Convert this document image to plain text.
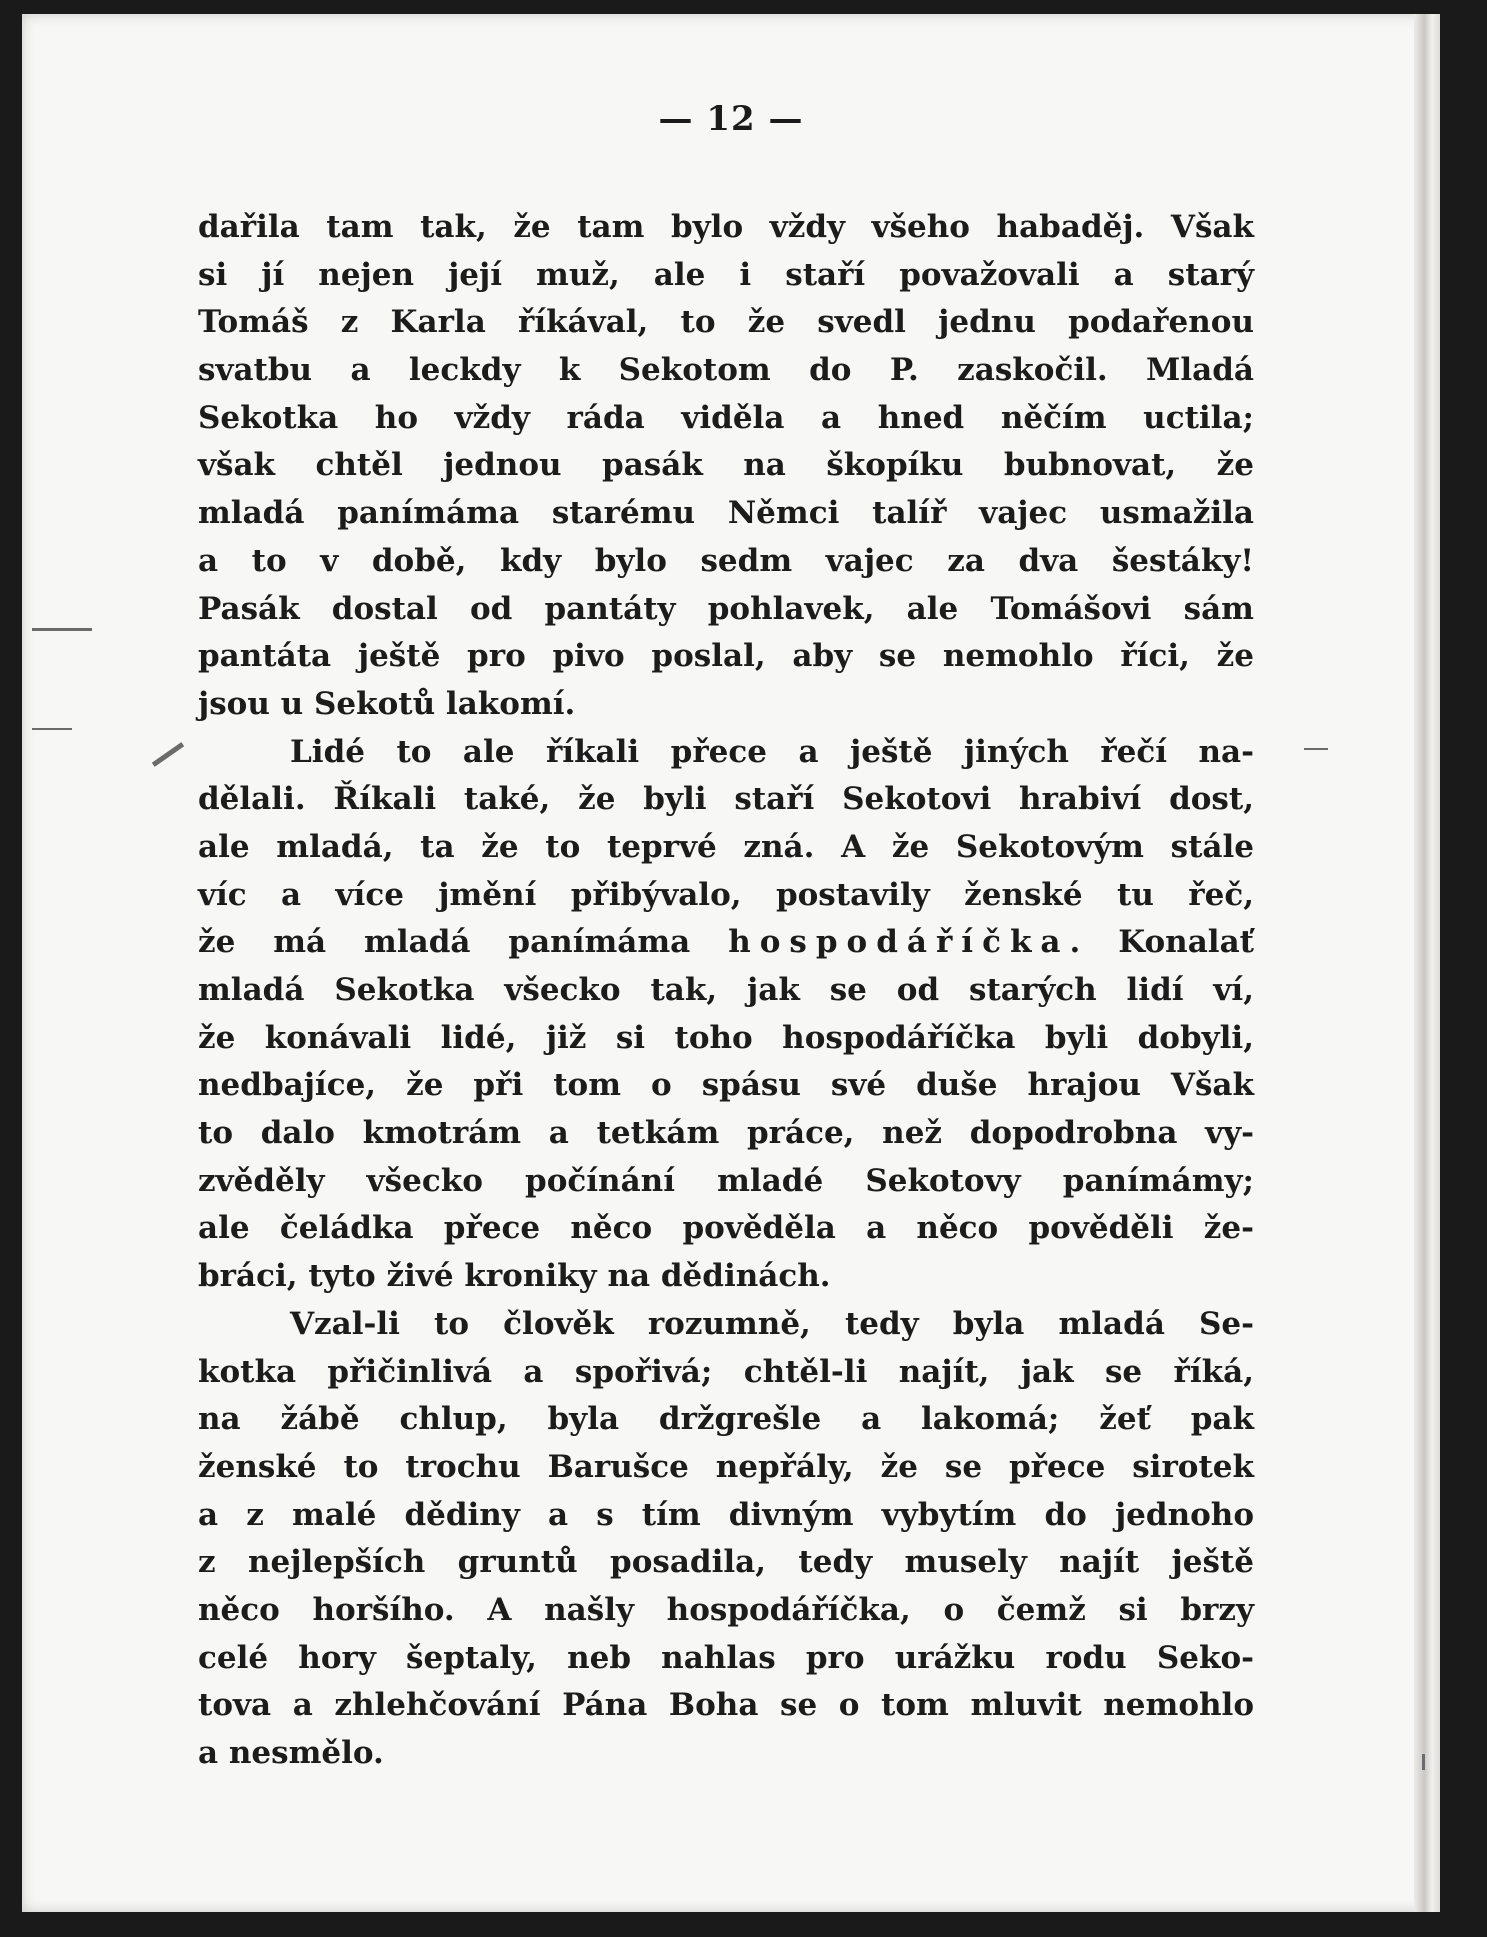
— 12 —
dařila tam tak, že tam bylo vždy všeho habaděj. Však
si jí nejen její muž, ale i staří považovali a starý
Tomáš z Karla říkával, to že svedl jednu podařenou
svatbu a leckdy k Sekotom do P. zaskočil. Mladá
Sekotka ho vždy ráda viděla a hned něčím uctila;
však chtěl jednou pasák na škopíku bubnovat, že
mladá panímáma starému Němci talíř vajec usmažila
a to v době, kdy bylo sedm vajec za dva šestáky!
Pasák dostal od pantáty pohlavek, ale Tomášovi sám
pantáta ještě pro pivo poslal, aby se nemohlo říci, že
jsou u Sekotů lakomí.
Lidé to ale říkali přece a ještě jiných řečí na-
dělali. Říkali také, že byli staří Sekotovi hrabiví dost,
ale mladá, ta že to teprvé zná. A že Sekotovým stále
víc a více jmění přibývalo, postavily ženské tu řeč,
že má mladá panímáma hospodáříčka. Konalať
mladá Sekotka všecko tak, jak se od starých lidí ví,
že konávali lidé, již si toho hospodáříčka byli dobyli,
nedbajíce, že při tom o spásu své duše hrajou Však
to dalo kmotrám a tetkám práce, než dopodrobna vy-
zvěděly všecko počínání mladé Sekotovy panímámy;
ale čeládka přece něco pověděla a něco pověděli že-
bráci, tyto živé kroniky na dědinách.
Vzal-li to člověk rozumně, tedy byla mladá Se-
kotka přičinlivá a spořivá; chtěl-li najít, jak se říká,
na žábě chlup, byla držgrešle a lakomá; žeť pak
ženské to trochu Barušce nepřály, že se přece sirotek
a z malé dědiny a s tím divným vybytím do jednoho
z nejlepších gruntů posadila, tedy musely najít ještě
něco horšího. A našly hospodáříčka, o čemž si brzy
celé hory šeptaly, neb nahlas pro urážku rodu Seko-
tova a zhlehčování Pána Boha se o tom mluvit nemohlo
a nesmělo.
